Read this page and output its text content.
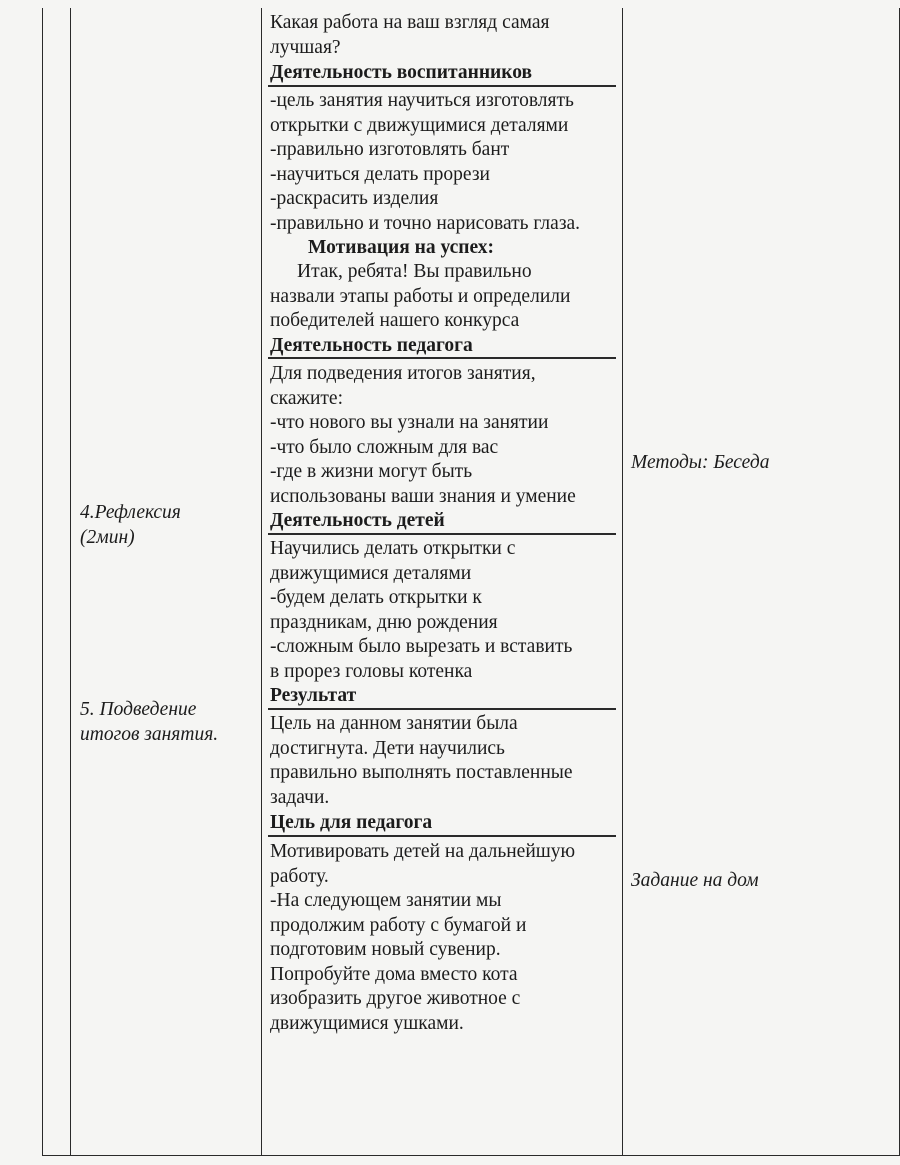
4.Рефлексия
(2мин)
5. Подведение
итогов занятия.
Какая работа на ваш взгляд самая
лучшая?
Деятельность воспитанников
-цель занятия научиться изготовлять
открытки с движущимися деталями
-правильно изготовлять бант
-научиться делать прорези
-раскрасить изделия
-правильно и точно нарисовать глаза.
Мотивация на успех:
Итак, ребята! Вы правильно
назвали этапы работы и определили
победителей нашего конкурса
Деятельность педагога
Для подведения итогов занятия,
скажите:
-что нового вы узнали на занятии
-что было сложным для вас
-где в жизни могут быть
использованы ваши знания и умение
Деятельность детей
Научились делать открытки с
движущимися деталями
-будем делать открытки к
праздникам, дню рождения
-сложным было вырезать и вставить
в прорез головы котенка
Результат
Цель на данном занятии была
достигнута. Дети научились
правильно выполнять поставленные
задачи.
Цель для педагога
Мотивировать детей на дальнейшую
работу.
-На следующем занятии мы
продолжим работу с бумагой и
подготовим новый сувенир.
Попробуйте дома вместо кота
изобразить другое животное с
движущимися ушками.
Методы: Беседа
Задание на дом
